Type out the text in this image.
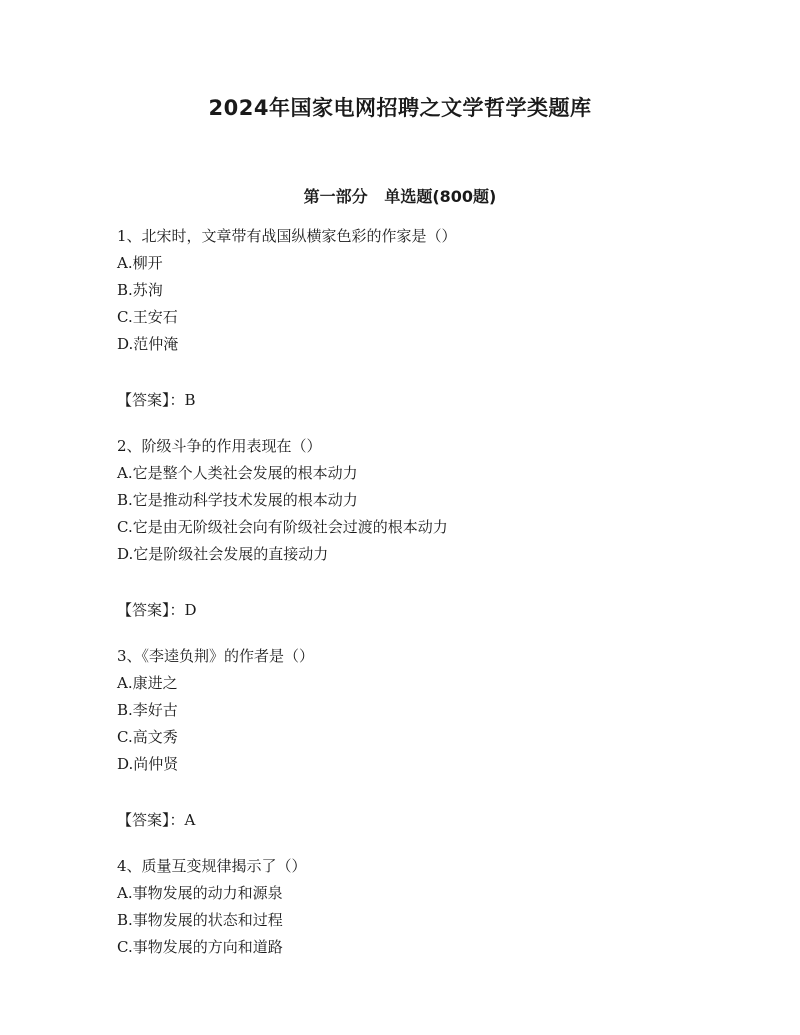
2024年国家电网招聘之文学哲学类题库
第一部分   单选题(800题)
1、北宋时，文章带有战国纵横家色彩的作家是（）
A.柳开
B.苏洵
C.王安石
D.范仲淹
【答案】：B
2、阶级斗争的作用表现在（）
A.它是整个人类社会发展的根本动力
B.它是推动科学技术发展的根本动力
C.它是由无阶级社会向有阶级社会过渡的根本动力
D.它是阶级社会发展的直接动力
【答案】：D
3、《李逵负荆》的作者是（）
A.康进之
B.李好古
C.高文秀
D.尚仲贤
【答案】：A
4、质量互变规律揭示了（）
A.事物发展的动力和源泉
B.事物发展的状态和过程
C.事物发展的方向和道路
